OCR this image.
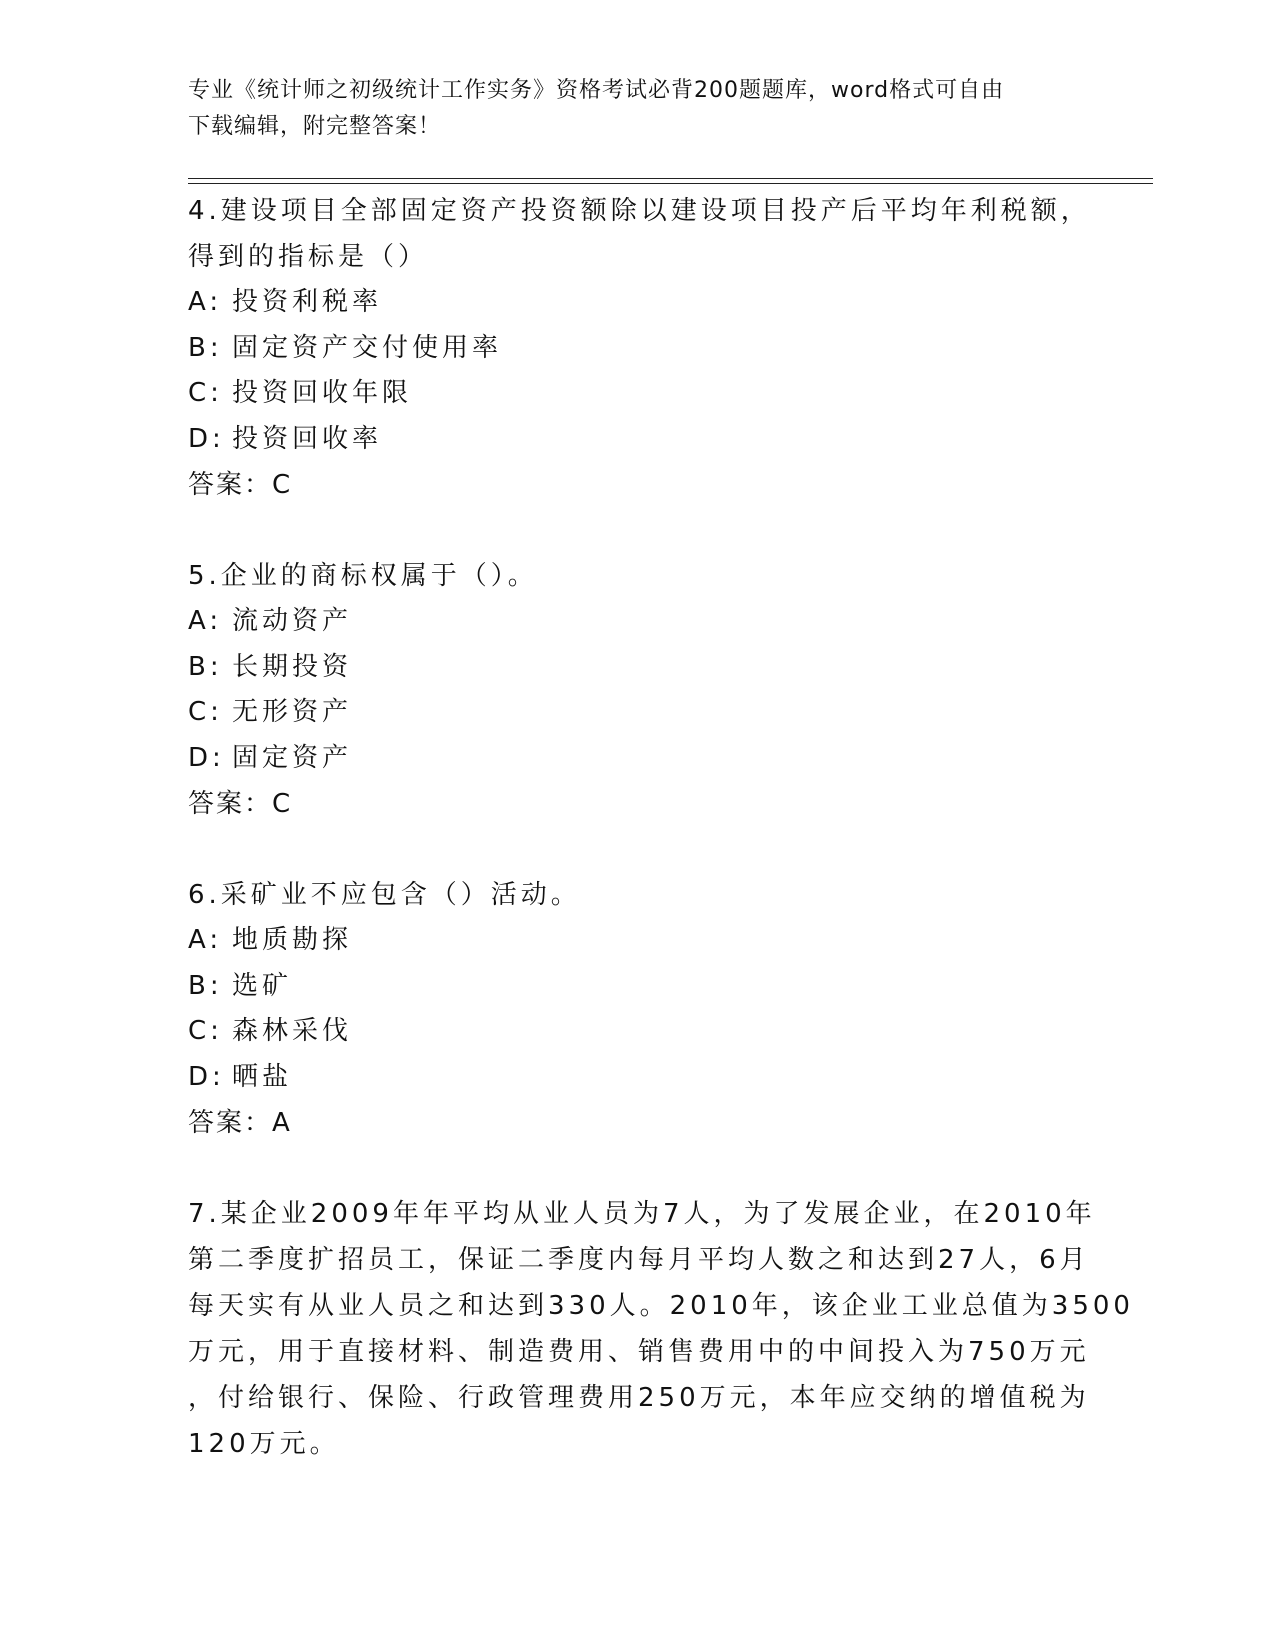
专业《统计师之初级统计工作实务》资格考试必背200题题库，word格式可自由
下载编辑，附完整答案！
4.建设项目全部固定资产投资额除以建设项目投产后平均年利税额，
得到的指标是（）
A: 投资利税率
B: 固定资产交付使用率
C: 投资回收年限
D: 投资回收率
答案：C
5.企业的商标权属于（）。
A: 流动资产
B: 长期投资
C: 无形资产
D: 固定资产
答案：C
6.采矿业不应包含（）活动。
A: 地质勘探
B: 选矿
C: 森林采伐
D: 晒盐
答案：A
7.某企业2009年年平均从业人员为7人，为了发展企业，在2010年
第二季度扩招员工，保证二季度内每月平均人数之和达到27人，6月
每天实有从业人员之和达到330人。2010年，该企业工业总值为3500
万元，用于直接材料、制造费用、销售费用中的中间投入为750万元
，付给银行、保险、行政管理费用250万元，本年应交纳的增值税为
120万元。
